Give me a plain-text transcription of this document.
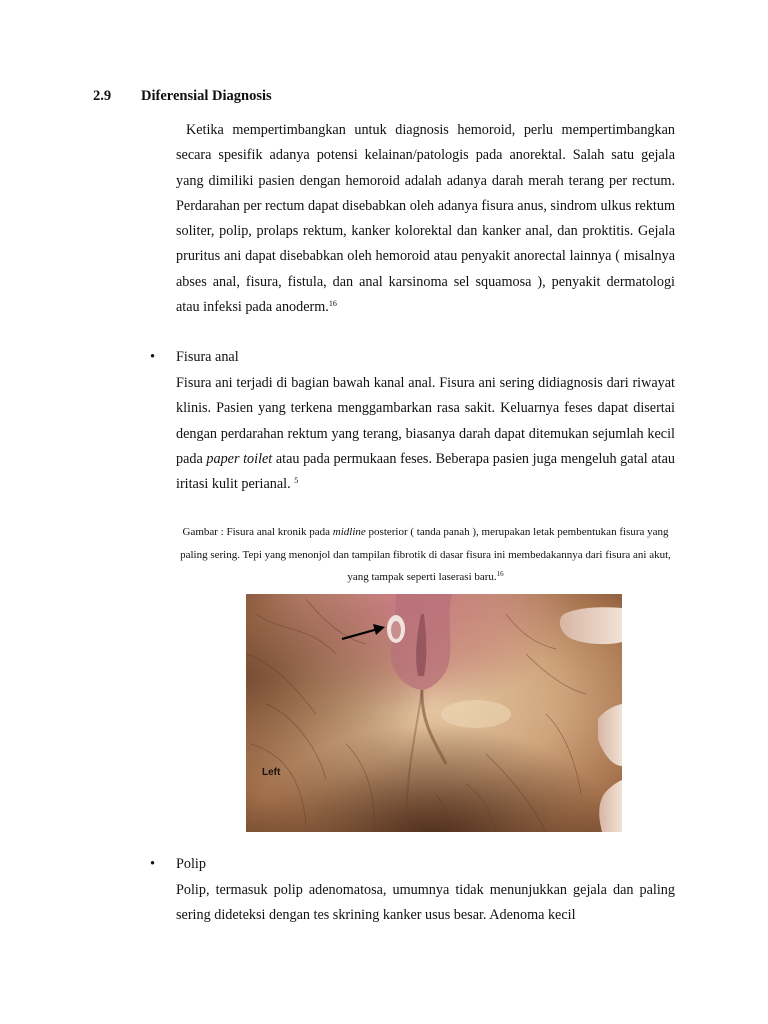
2.9 Diferensial Diagnosis

Ketika mempertimbangkan untuk diagnosis hemoroid, perlu mempertimbangkan secara spesifik adanya potensi kelainan/patologis pada anorektal. Salah satu gejala yang dimiliki pasien dengan hemoroid adalah adanya darah merah terang per rectum. Perdarahan per rectum dapat disebabkan oleh adanya fisura anus, sindrom ulkus rektum soliter, polip, prolaps rektum, kanker kolorektal dan kanker anal, dan proktitis. Gejala pruritus ani dapat disebabkan oleh hemoroid atau penyakit anorectal lainnya ( misalnya abses anal, fisura, fistula, dan anal karsinoma sel squamosa ), penyakit dermatologi atau infeksi pada anoderm.$^{16}$

• Fisura anal

Fisura ani terjadi di bagian bawah kanal anal. Fisura ani sering didiagnosis dari riwayat klinis. Pasien yang terkena menggambarkan rasa sakit. Keluarnya feses dapat disertai dengan perdarahan rektum yang terang, biasanya darah dapat ditemukan sejumlah kecil pada paper toilet atau pada permukaan feses. Beberapa pasien juga mengeluh gatal atau iritasi kulit perianal. $^5$

Gambar : Fisura anal kronik pada midline posterior ( tanda panah ), merupakan letak pembentukan fisura yang paling sering. Tepi yang menonjol dan tampilan fibrotik di dasar fisura ini membedakannya dari fisura ani akut, yang tampak seperti laserasi baru.$^{16}$

Left
• Polip

Polip, termasuk polip adenomatosa, umumnya tidak menunjukkan gejala dan paling sering dideteksi dengan tes skrining kanker usus besar. Adenoma kecil
